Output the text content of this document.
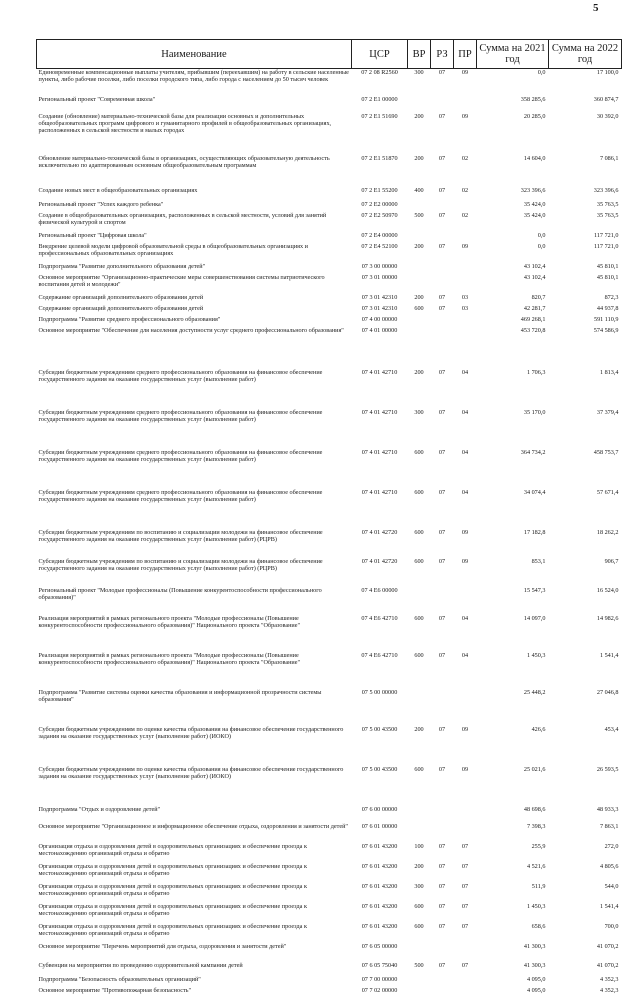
5
Наименование	ЦСР	ВР	РЗ	ПР	Сумма на 2021 год	Сумма на 2022 год
Единовременные компенсационные выплаты учителям, прибывшим (переехавшим) на работу в сельские населенные пункты, либо рабочие поселки, либо поселки городского типа, либо города с населением до 50 тысяч человек	07 2 08 R2560	300	07	09	0,0	17 100,0
Региональный проект "Современная школа"	07 2 Е1 00000				358 285,6	360 874,7
Создание (обновление) материально-технической базы для реализации основных и дополнительных общеобразовательных программ цифрового и гуманитарного профилей в общеобразовательных организациях, расположенных в сельской местности и малых городах	07 2 Е1 51690	200	07	09	20 285,0	30 392,0
Обновление материально-технической базы в организациях, осуществляющих образовательную деятельность исключительно по адаптированным основным общеобразовательным программам	07 2 Е1 51870	200	07	02	14 604,0	7 086,1
Создание новых мест в общеобразовательных организациях	07 2 Е1 55200	400	07	02	323 396,6	323 396,6
Региональный проект "Успех каждого ребенка"	07 2 Е2 00000				35 424,0	35 763,5
Создание в общеобразовательных организациях, расположенных в сельской местности, условий для занятий физической культурой и спортом	07 2 Е2 50970	500	07	02	35 424,0	35 763,5
Региональный проект "Цифровая школа"	07 2 Е4 00000				0,0	117 721,0
Внедрение целевой модели цифровой образовательной среды в общеобразовательных организациях и профессиональных образовательных организациях	07 2 Е4 52100	200	07	09	0,0	117 721,0
Подпрограмма "Развитие дополнительного образования детей"	07 3 00 00000				43 102,4	45 810,1
Основное мероприятие "Организационно-практические меры совершенствования системы патриотического воспитания детей и молодежи"	07 3 01 00000				43 102,4	45 810,1
Содержание организаций дополнительного образования детей	07 3 01 42310	200	07	03	820,7	872,3
Содержание организаций дополнительного образования детей	07 3 01 42310	600	07	03	42 281,7	44 937,8
Подпрограмма "Развитие среднего профессионального образования"	07 4 00 00000				469 268,1	591 110,9
Основное мероприятие "Обеспечение для населения доступности услуг среднего профессионального образования"	07 4 01 00000				453 720,8	574 586,9
Субсидии бюджетным учреждениям среднего профессионального образования на финансовое обеспечение государственного задания на оказание государственных услуг (выполнение работ)	07 4 01 42710	200	07	04	1 706,3	1 813,4
Субсидии бюджетным учреждениям среднего профессионального образования на финансовое обеспечение государственного задания на оказание государственных услуг (выполнение работ)	07 4 01 42710	300	07	04	35 170,0	37 379,4
Субсидии бюджетным учреждениям среднего профессионального образования на финансовое обеспечение государственного задания на оказание государственных услуг (выполнение работ)	07 4 01 42710	600	07	04	364 734,2	458 753,7
Субсидии бюджетным учреждениям среднего профессионального образования на финансовое обеспечение государственного задания на оказание государственных услуг (выполнение работ)	07 4 01 42710	600	07	04	34 074,4	57 671,4
Субсидии бюджетным учреждениям по воспитанию и социализации молодежи на финансовое обеспечение государственного задания на оказание государственных услуг (выполнение работ) (РЦРВ)	07 4 01 42720	600	07	09	17 182,8	18 262,2
Субсидии бюджетным учреждениям по воспитанию и социализации молодежи на финансовое обеспечение государственного задания на оказание государственных услуг (выполнение работ) (РЦРВ)	07 4 01 42720	600	07	09	853,1	906,7
Региональный проект "Молодые профессионалы (Повышение конкурентоспособности профессионального образования)"	07 4 Е6 00000				15 547,3	16 524,0
Реализация мероприятий в рамках регионального проекта "Молодые профессионалы (Повышение конкурентоспособности профессионального образования)" Национального проекта "Образование"	07 4 Е6 42710	600	07	04	14 097,0	14 982,6
Реализация мероприятий в рамках регионального проекта "Молодые профессионалы (Повышение конкурентоспособности профессионального образования)" Национального проекта "Образование"	07 4 Е6 42710	600	07	04	1 450,3	1 541,4
Подпрограмма "Развитие системы оценки качества образования и информационной прозрачности системы образования"	07 5 00 00000				25 448,2	27 046,8
Субсидии бюджетным учреждениям по оценке качества образования на финансовое обеспечение государственного задания на оказание государственных услуг (выполнение работ) (ИОКО)	07 5 00 43500	200	07	09	426,6	453,4
Субсидии бюджетным учреждениям по оценке качества образования на финансовое обеспечение государственного задания на оказание государственных услуг (выполнение работ) (ИОКО)	07 5 00 43500	600	07	09	25 021,6	26 593,5
Подпрограмма "Отдых и оздоровление детей"	07 6 00 00000				48 698,6	48 933,3
Основное мероприятие "Организационное и информационное обеспечение отдыха, оздоровления и занятости детей"	07 6 01 00000				7 398,3	7 863,1
Организация отдыха и оздоровления детей в оздоровительных организациях и обеспечение проезда к местонахождению организаций отдыха и обратно	07 6 01 43200	100	07	07	255,9	272,0
Организация отдыха и оздоровления детей в оздоровительных организациях и обеспечение проезда к местонахождению организаций отдыха и обратно	07 6 01 43200	200	07	07	4 521,6	4 805,6
Организация отдыха и оздоровления детей в оздоровительных организациях и обеспечение проезда к местонахождению организаций отдыха и обратно	07 6 01 43200	300	07	07	511,9	544,0
Организация отдыха и оздоровления детей в оздоровительных организациях и обеспечение проезда к местонахождению организаций отдыха и обратно	07 6 01 43200	600	07	07	1 450,3	1 541,4
Организация отдыха и оздоровления детей в оздоровительных организациях и обеспечение проезда к местонахождению организаций отдыха и обратно	07 6 01 43200	600	07	07	658,6	700,0
Основное мероприятие "Перечень мероприятий для отдыха, оздоровления и занятости детей"	07 6 05 00000				41 300,3	41 070,2
Субвенции на мероприятия по проведению оздоровительной кампании детей	07 6 05 75040	500	07	07	41 300,3	41 070,2
Подпрограмма "Безопасность образовательных организаций"	07 7 00 00000				4 095,0	4 352,3
Основное мероприятие "Противопожарная безопасность"	07 7 02 00000				4 095,0	4 352,3
